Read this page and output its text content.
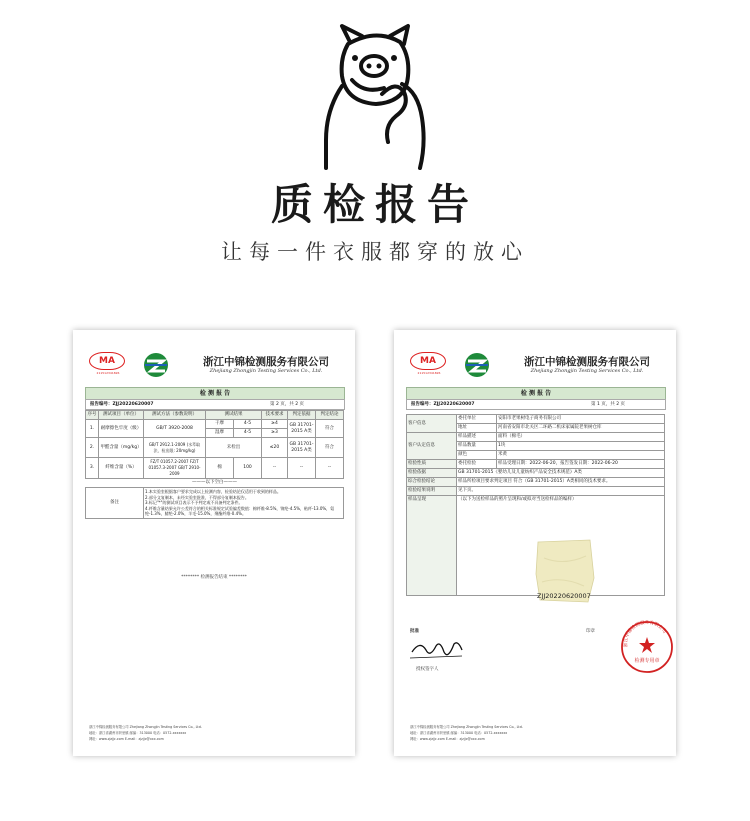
质检报告
让每一件衣服都穿的放心
MA
211512341826
浙江中锦检测服务有限公司
Zhejiang Zhongjin Testing Services Co., Ltd.
检 测 报 告
报告编号：ZJJ20220620007	第 2 页，共 2 页
序号	测试项目（单位）	测试方法（参数说明）	测试结果		技术要求	判定依据	判定结论
1.	耐摩擦色牢度（级）	GB/T 3920-2008	干摩	4-5	≥4	GB 31701-2015 A类	符合
			湿摩	4-5	≥3		
2.	甲醛含量（mg/kg）	GB/T 2912.1-2009 (水萃取法，检出限: 20mg/kg)	未检出		≤20	GB 31701-2015 A类	符合
3.	纤维含量（%）	FZ/T 01057.2-2007 FZ/T 01057.3-2007 GB/T 2910-2009	棉	100	--	--	--
———以下空白———							
备注		1.本实验室根据客户要求完成以上检测内容，检验结论仅适用于收到的样品。
2.部分文复制本，未经实验室批准，不得部分复制本报告。
3.标记"*"的测试项目表示不予判定或不具备判定条件。
4.纤维含量结果允许公差符合的相关标准规定试验偏差数值：棉纤维-8.5%，锦纶-4.5%，粘纤-13.0%，氨纶-1.3%，腈纶-2.0%，羊毛-15.0%，聚酯纤维-0.4%。					
******** 检测报告结束 ********
浙江中锦检测服务有限公司 Zhejiang Zhongjin Testing Services Co., Ltd.
地址：浙江省湖州市织里镇 邮编：313000 电话：0572-xxxxxxx
网址：www.zjzjjc.com E-mail：zjzjjc@xxx.com
MA
211512341826
浙江中锦检测服务有限公司
Zhejiang Zhongjin Testing Services Co., Ltd.
检 测 报 告
报告编号：ZJJ20220620007	第 1 页，共 2 页
客户信息	委托单位	安阳市老果树电子商务有限公司
	地址	河南省安阳市北关区二环路二机床家属院老果树仓库
客户认定信息	样品描述	面料（棉毛）
	样品数量	1块
	颜色	米黄
检验性质	委托检验	样品受理日期：2022-06-20，报告签发日期：2022-06-20
检验依据	GB 31701-2015《婴幼儿及儿童纺织产品安全技术规范》A类	
综合检验结论	样品所检项目要求判定项目 符合（GB 31701-2015）A类相同的技术要求。	
检验结果说明	见下页。	
样品呈现	（以下为送检样品的照片呈现和/或拟对当送检样品的编样）	
ZJJ20220620007
批准
授权签字人
印章
浙江中锦检测服务有限公司
检测专用章
浙江中锦检测服务有限公司 Zhejiang Zhongjin Testing Services Co., Ltd.
地址：浙江省湖州市织里镇 邮编：313000 电话：0572-xxxxxxx
网址：www.zjzjjc.com E-mail：zjzjjc@xxx.com
